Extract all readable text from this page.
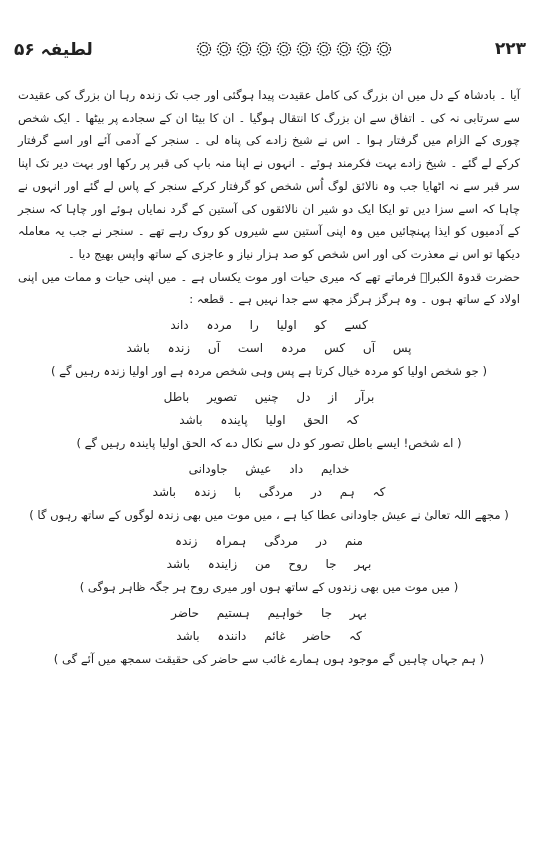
لطیفہ ۵۶	۲۲۳

آیا ۔ بادشاہ کے دل میں ان بزرگ کی کامل عقیدت پیدا ہوگئی اور جب تک زندہ رہا ان بزرگ کی عقیدت سے سرتابی نہ کی ۔ اتفاق سے ان بزرگ کا انتقال ہوگیا ۔ ان کا بیٹا ان کے سجادے پر بیٹھا ۔ ایک شخص چوری کے الزام میں گرفتار ہوا ۔ اس نے شیخ زادے کی پناہ لی ۔ سنجر کے آدمی آئے اور اسے گرفتار کرکے لے گئے ۔ شیخ زادے بہت فکرمند ہوئے ۔ انہوں نے اپنا منہ باپ کی قبر پر رکھا اور بہت دیر تک اپنا سر قبر سے نہ اٹھایا جب وہ نالائق لوگ اُس شخص کو گرفتار کرکے سنجر کے پاس لے گئے اور انہوں نے چاہا کہ اسے سزا دیں تو ایکا ایک دو شیر ان نالائقوں کی آستین کے گرد نمایاں ہوئے اور چاہا کہ سنجر کے آدمیوں کو ایذا پہنچائیں میں وہ اپنی آستین سے شیروں کو روک رہے تھے ۔ سنجر نے جب یہ معاملہ دیکھا تو اس نے معذرت کی اور اس شخص کو صد ہزار نیاز و عاجزی کے ساتھ واپس بھیج دیا ۔

حضرت قدوۃ الکبراؒ فرماتے تھے کہ میری حیات اور موت یکساں ہے ۔ میں اپنی حیات و ممات میں اپنی اولاد کے ساتھ ہوں ۔ وہ ہرگز ہرگز مجھ سے جدا نہیں ہے ۔ قطعہ :

کسے کو اولیا را مردہ داند

پس آں کس مردہ است آں زندہ باشد

( جو شخص اولیا کو مردہ خیال کرتا ہے پس وہی شخص مردہ ہے اور اولیا زندہ رہیں گے )

برآر از دل چنیں تصویر باطل

کہ الحق اولیا پایندہ باشد

( اے شخص! ایسے باطل تصور کو دل سے نکال دے کہ الحق اولیا پایندہ رہیں گے )

خدایم داد عیش جاودانی

کہ ہم در مردگی با زندہ باشد

( مجھے اللہ تعالیٰ نے عیش جاودانی عطا کیا ہے ، میں موت میں بھی زندہ لوگوں کے ساتھ رہوں گا )

منم در مردگی ہمراہ زندہ

بہر جا روح من زایندہ باشد

( میں موت میں بھی زندوں کے ساتھ ہوں اور میری روح ہر جگہ ظاہر ہوگی )

بہر جا خواہیم ہستیم حاضر

کہ حاضر غائم دانندہ باشد

( ہم جہاں چاہیں گے موجود ہوں ہمارے غائب سے حاضر کی حقیقت سمجھ میں آئے گی )
